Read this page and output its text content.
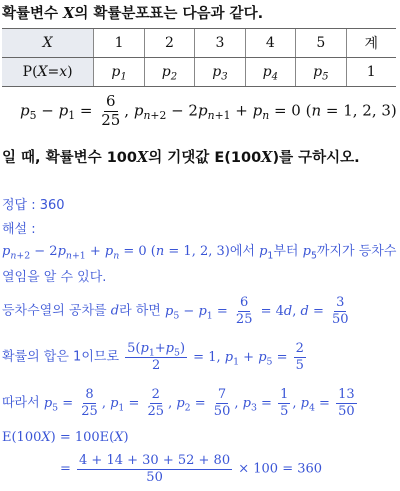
확률변수 X의 확률분포표는 다음과 같다.
X	1	2	3	4	5	계
P(X=x)	$p_1$	$p_2$	$p_3$	$p_4$	$p_5$	1
$p_5 - p_1 = \frac{6}{25}$ , $p_{n+2} - 2p_{n+1} + p_n = 0$ (n = 1, 2, 3)
일 때, 확률변수 100X의 기댓값 E(100X)를 구하시오.
정답 : 360
해설 :
$p_{n+2} - 2p_{n+1} + p_n = 0$ (n = 1, 2, 3)에서 $p_1$부터 $p_5$까지가 등차수
열임을 알 수 있다.
등차수열의 공차를 d라 하면 $p_5 - p_1 = \frac{6}{25} = 4d$, $d = \frac{3}{50}$
확률의 합은 1이므로 $\frac{5(p_1+p_5)}{2} = 1$, $p_1 + p_5 = \frac{2}{5}$
따라서 $p_5 = \frac{8}{25}$ , $p_1 = \frac{2}{25}$ , $p_2 = \frac{7}{50}$ , $p_3 = \frac{1}{5}$ , $p_4 = \frac{13}{50}$
E(100X) = 100E(X)
= $\frac{4 + 14 + 30 + 52 + 80}{50} \times 100 = 360$
